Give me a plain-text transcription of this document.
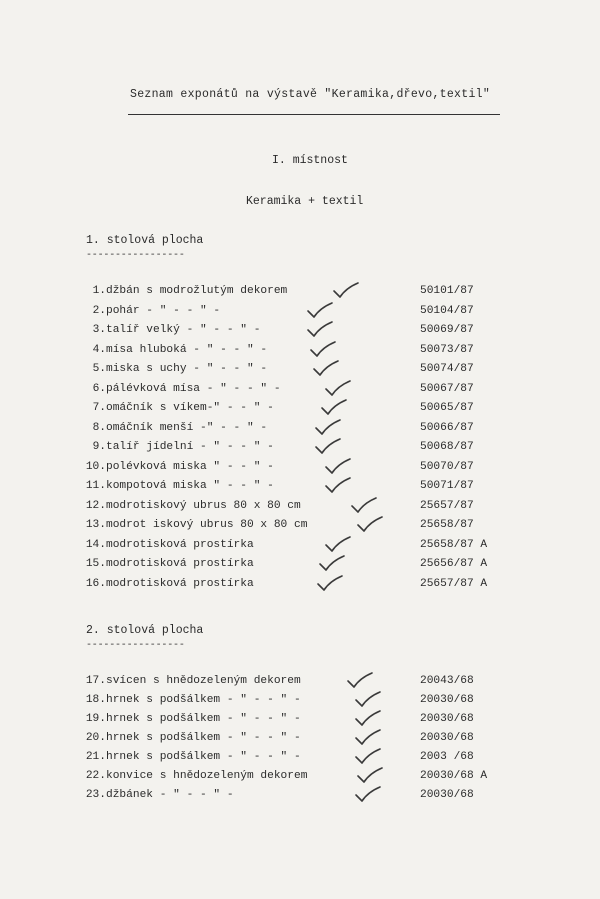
Seznam exponátů na výstavě "Keramika,dřevo,textil"
I. místnost
Keramika + textil
1. stolová plocha
-----------------
1. džbán s modrožlutým dekorem	50101/87
2. pohár - " - - " -	50104/87
3. talíř velký - " - - " -	50069/87
4. mísa hluboká - " - - " -	50073/87
5. miska s uchy - " - - " -	50074/87
6. pálévková mísa - " - - " -	50067/87
7. omáčník s víkem-" - - " -	50065/87
8. omáčník menší -" - - " -	50066/87
9. talíř jídelní - " - - " -	50068/87
10. polévková miska " - - " -	50070/87
11. kompotová miska " - - " -	50071/87
12. modrotiskový ubrus 80 x 80 cm	25657/87
13. modrot iskový ubrus 80 x 80 cm	25658/87
14. modrotisková prostírka	25658/87 A
15. modrotisková prostírka	25656/87 A
16. modrotisková prostírka	25657/87 A
2. stolová plocha
-----------------
17. svícen s hnědozeleným dekorem	20043/68
18. hrnek s podšálkem - " - - " -	20030/68
19. hrnek s podšálkem - " - - " -	20030/68
20. hrnek s podšálkem - " - - " -	20030/68
21. hrnek s podšálkem - " - - " -	2003 /68
22. konvice s hnědozeleným dekorem	20030/68 A
23. džbánek - " - - " -	20030/68
